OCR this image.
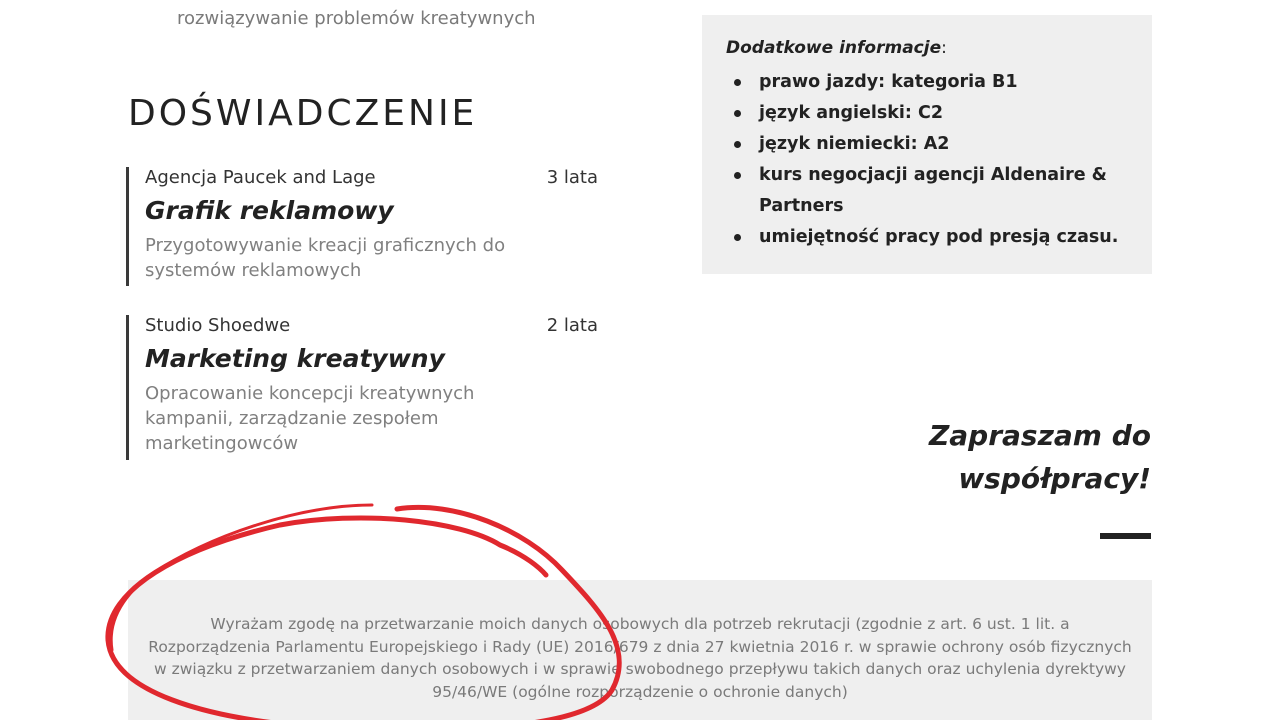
rozwiązywanie problemów kreatywnych
DOŚWIADCZENIE
Agencja Paucek and Lage	3 lata
Grafik reklamowy
Przygotowywanie kreacji graficznych do systemów reklamowych
Studio Shoedwe	2 lata
Marketing kreatywny
Opracowanie koncepcji kreatywnych kampanii, zarządzanie zespołem marketingowców
Dodatkowe informacje:
prawo jazdy: kategoria B1
język angielski: C2
język niemiecki: A2
kurs negocjacji agencji Aldenaire & Partners
umiejętność pracy pod presją czasu.
Zapraszam do
współpracy!

Wyrażam zgodę na przetwarzanie moich danych osobowych dla potrzeb rekrutacji (zgodnie z art. 6 ust. 1 lit. a Rozporządzenia Parlamentu Europejskiego i Rady (UE) 2016/679 z dnia 27 kwietnia 2016 r. w sprawie ochrony osób fizycznych w związku z przetwarzaniem danych osobowych i w sprawie swobodnego przepływu takich danych oraz uchylenia dyrektywy 95/46/WE (ogólne rozporządzenie o ochronie danych)
